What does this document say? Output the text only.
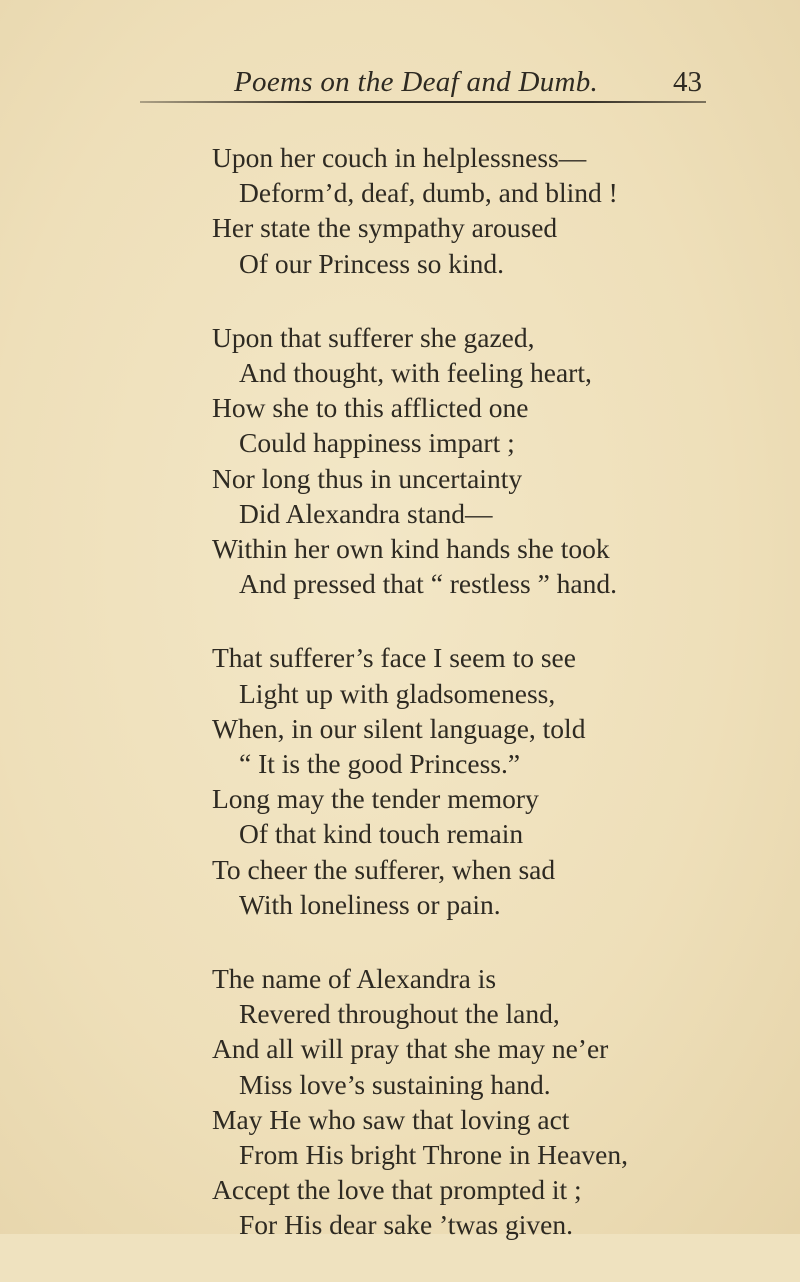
Poems on the Deaf and Dumb.	43
Upon her couch in helplessness—
Deform’d, deaf, dumb, and blind !
Her state the sympathy aroused
Of our Princess so kind.
Upon that sufferer she gazed,
And thought, with feeling heart,
How she to this afflicted one
Could happiness impart ;
Nor long thus in uncertainty
Did Alexandra stand—
Within her own kind hands she took
And pressed that “ restless ” hand.
That sufferer’s face I seem to see
Light up with gladsomeness,
When, in our silent language, told
“ It is the good Princess.”
Long may the tender memory
Of that kind touch remain
To cheer the sufferer, when sad
With loneliness or pain.
The name of Alexandra is
Revered throughout the land,
And all will pray that she may ne’er
Miss love’s sustaining hand.
May He who saw that loving act
From His bright Throne in Heaven,
Accept the love that prompted it ;
For His dear sake ’twas given.
